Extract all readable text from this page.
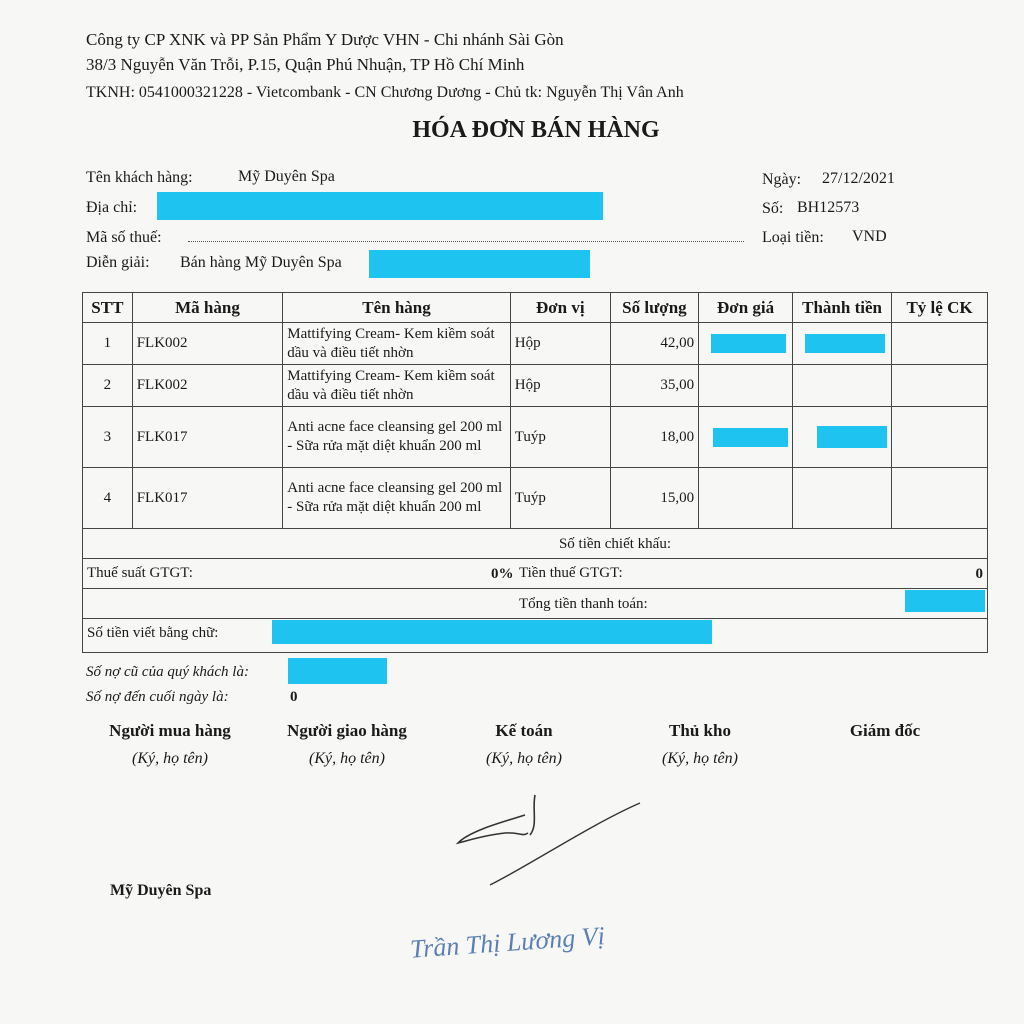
Công ty CP XNK và PP Sản Phẩm Y Dược VHN - Chi nhánh Sài Gòn
38/3 Nguyễn Văn Trỗi, P.15, Quận Phú Nhuận, TP Hồ Chí Minh
TKNH: 0541000321228 - Vietcombank - CN Chương Dương - Chủ tk: Nguyễn Thị Vân Anh
HÓA ĐƠN BÁN HÀNG
Tên khách hàng:	Mỹ Duyên Spa
Địa chỉ:
Mã số thuế:
Diễn giải: Bán hàng Mỹ Duyên Spa
Ngày: 27/12/2021
Số: BH12573
Loại tiền: VND
STT	Mã hàng	Tên hàng	Đơn vị	Số lượng	Đơn giá	Thành tiền	Tỷ lệ CK
1	FLK002	Mattifying Cream- Kem kiềm soát dầu và điều tiết nhờn	Hộp	42,00	

2	FLK002	Mattifying Cream- Kem kiềm soát dầu và điều tiết nhờn	Hộp	35,00			
3	FLK017	Anti acne face cleansing gel 200 ml - Sữa rửa mặt diệt khuẩn 200 ml	Tuýp	18,00	

4	FLK017	Anti acne face cleansing gel 200 ml - Sữa rửa mặt diệt khuẩn 200 ml	Tuýp	15,00			
Số tiền chiết khấu:
Thuế suất GTGT:	0% Tiền thuế GTGT:	0
Tổng tiền thanh toán:
Số tiền viết bằng chữ:
Số nợ cũ của quý khách là:
Số nợ đến cuối ngày là:	0
Người mua hàng	Người giao hàng	Kế toán	Thủ kho	Giám đốc
(Ký, họ tên)	(Ký, họ tên)	(Ký, họ tên)	(Ký, họ tên)
Mỹ Duyên Spa
Trần Thị Lương Vị
